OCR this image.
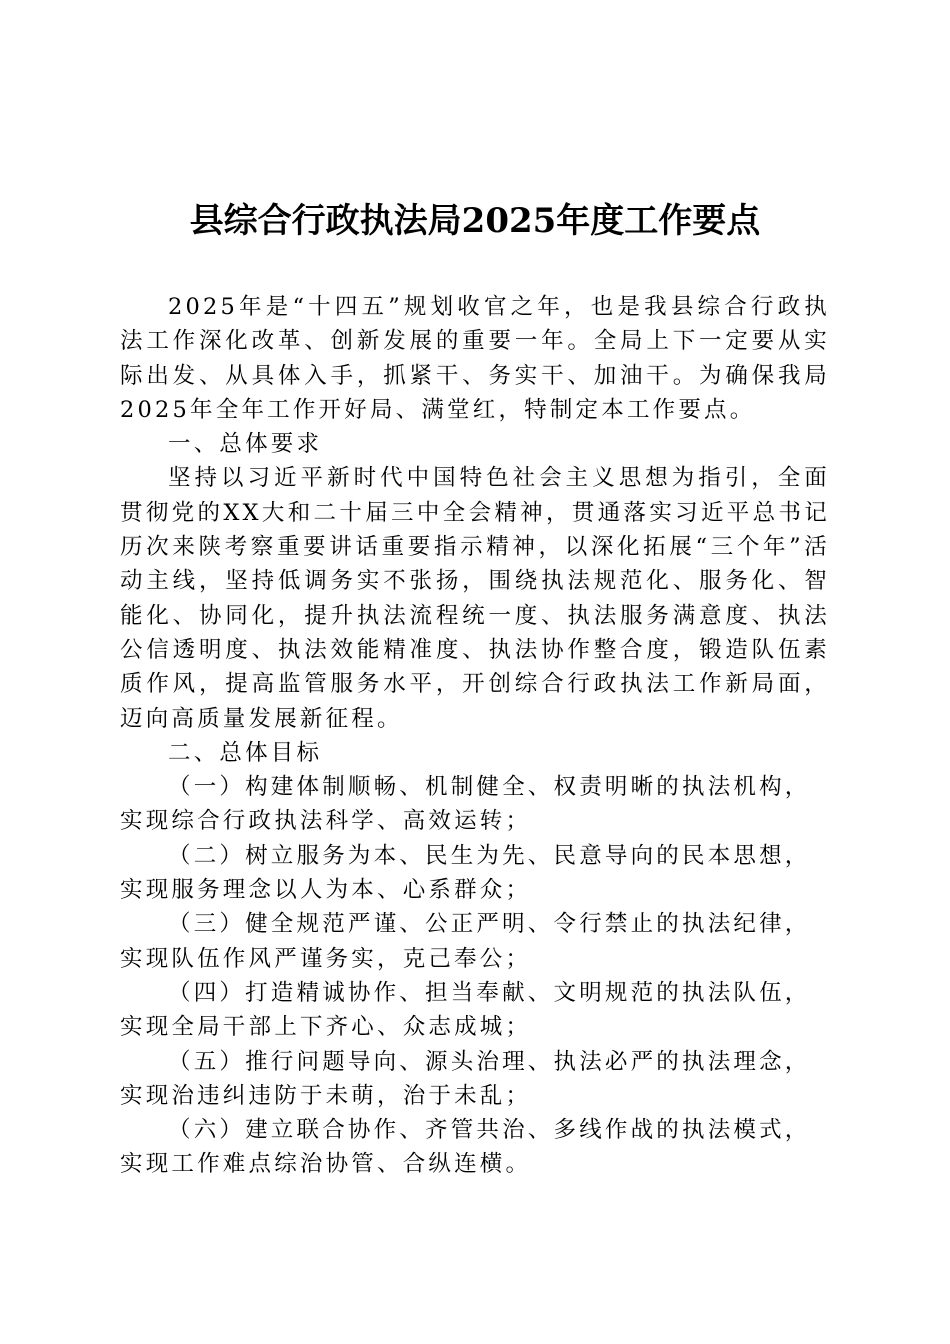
县综合行政执法局2025年度工作要点

2025年是“十四五”规划收官之年，也是我县综合行政执法工作深化改革、创新发展的重要一年。全局上下一定要从实际出发、从具体入手，抓紧干、务实干、加油干。为确保我局2025年全年工作开好局、满堂红，特制定本工作要点。

一、总体要求

坚持以习近平新时代中国特色社会主义思想为指引，全面贯彻党的XX大和二十届三中全会精神，贯通落实习近平总书记历次来陕考察重要讲话重要指示精神，以深化拓展“三个年”活动主线，坚持低调务实不张扬，围绕执法规范化、服务化、智能化、协同化，提升执法流程统一度、执法服务满意度、执法公信透明度、执法效能精准度、执法协作整合度，锻造队伍素质作风，提高监管服务水平，开创综合行政执法工作新局面，迈向高质量发展新征程。

二、总体目标

（一）构建体制顺畅、机制健全、权责明晰的执法机构，实现综合行政执法科学、高效运转；

（二）树立服务为本、民生为先、民意导向的民本思想，实现服务理念以人为本、心系群众；

（三）健全规范严谨、公正严明、令行禁止的执法纪律，实现队伍作风严谨务实，克己奉公；

（四）打造精诚协作、担当奉献、文明规范的执法队伍，实现全局干部上下齐心、众志成城；

（五）推行问题导向、源头治理、执法必严的执法理念，实现治违纠违防于未萌，治于未乱；

（六）建立联合协作、齐管共治、多线作战的执法模式，实现工作难点综治协管、合纵连横。
